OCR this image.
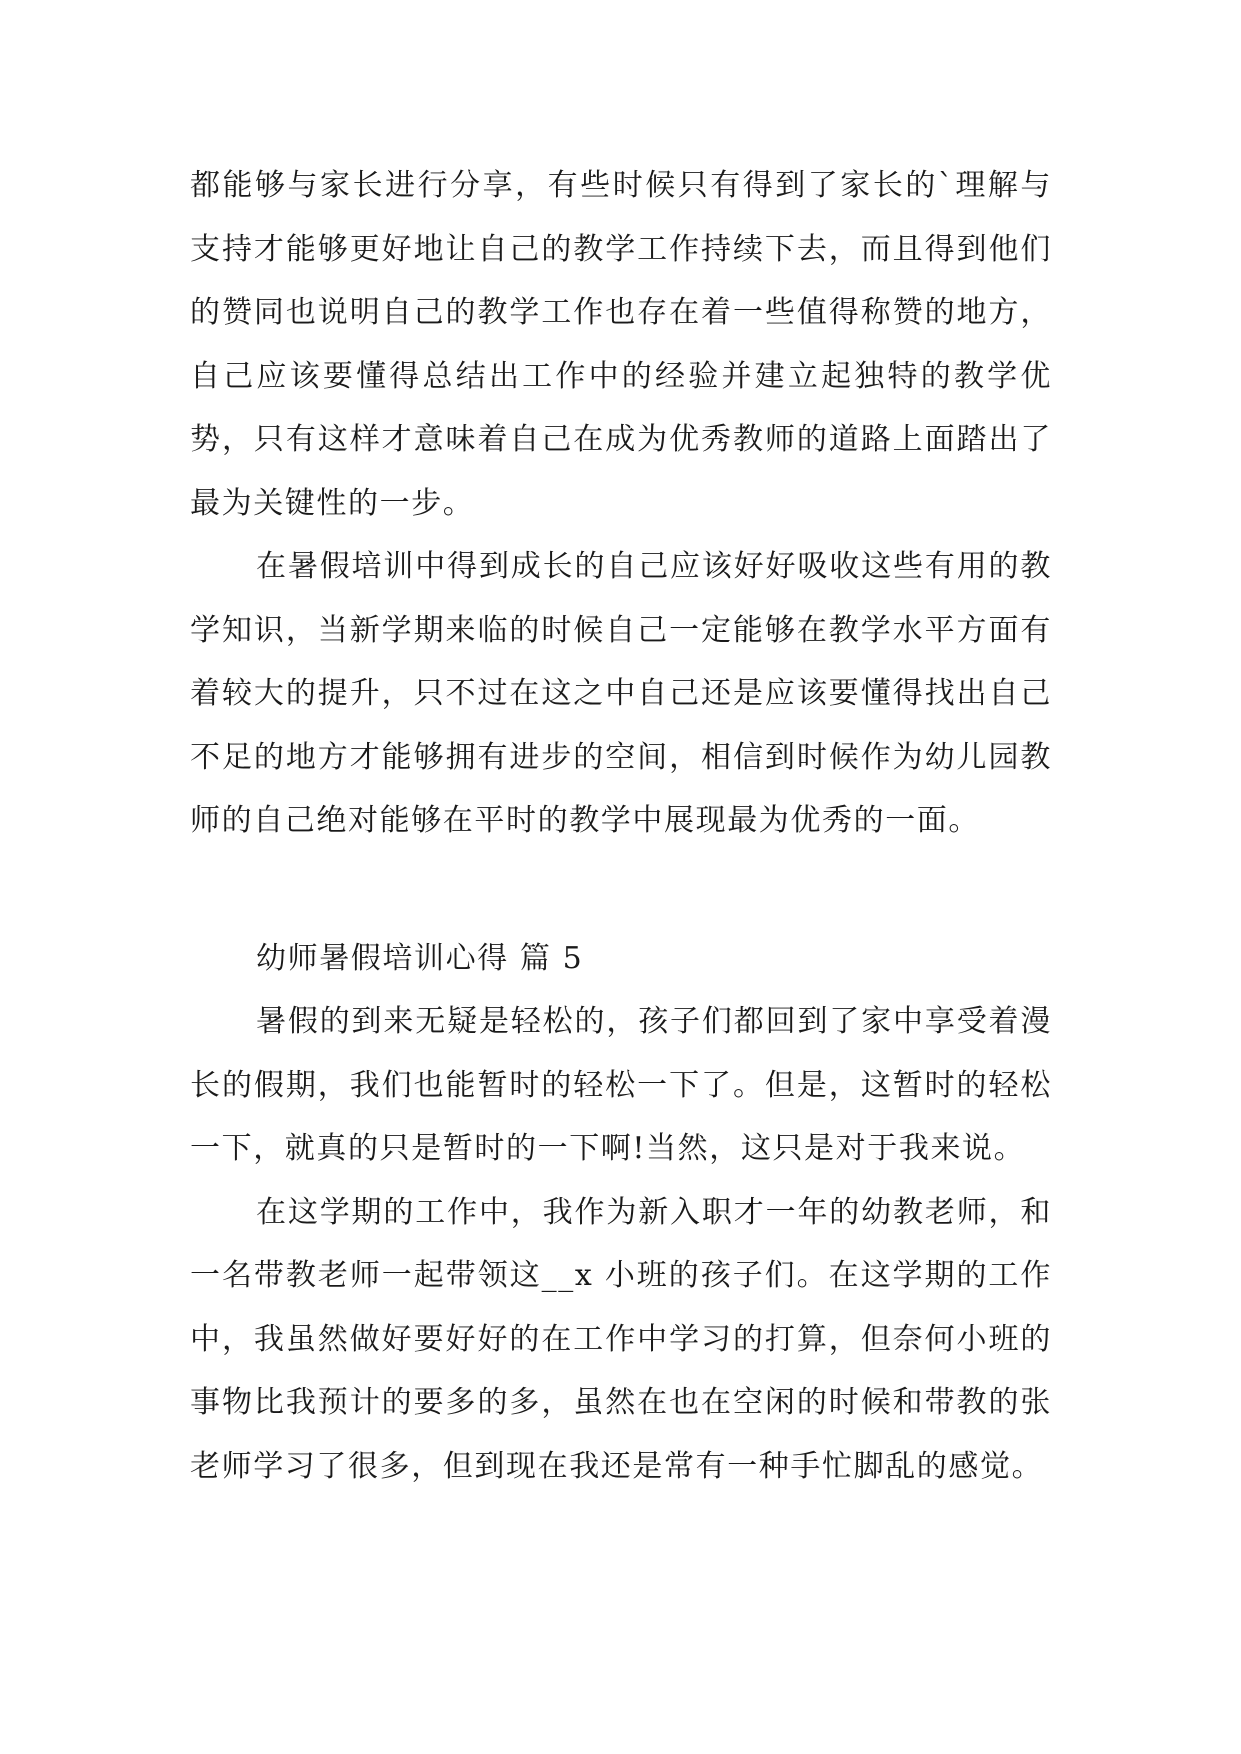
都能够与家长进行分享，有些时候只有得到了家长的`理解与支持才能够更好地让自己的教学工作持续下去，而且得到他们的赞同也说明自己的教学工作也存在着一些值得称赞的地方，自己应该要懂得总结出工作中的经验并建立起独特的教学优势，只有这样才意味着自己在成为优秀教师的道路上面踏出了最为关键性的一步。

在暑假培训中得到成长的自己应该好好吸收这些有用的教学知识，当新学期来临的时候自己一定能够在教学水平方面有着较大的提升，只不过在这之中自己还是应该要懂得找出自己不足的地方才能够拥有进步的空间，相信到时候作为幼儿园教师的自己绝对能够在平时的教学中展现最为优秀的一面。

幼师暑假培训心得 篇 5

暑假的到来无疑是轻松的，孩子们都回到了家中享受着漫长的假期，我们也能暂时的轻松一下了。但是，这暂时的轻松一下，就真的只是暂时的一下啊!当然，这只是对于我来说。

在这学期的工作中，我作为新入职才一年的幼教老师，和一名带教老师一起带领这__x 小班的孩子们。在这学期的工作中，我虽然做好要好好的在工作中学习的打算，但奈何小班的事物比我预计的要多的多，虽然在也在空闲的时候和带教的张老师学习了很多，但到现在我还是常有一种手忙脚乱的感觉。
